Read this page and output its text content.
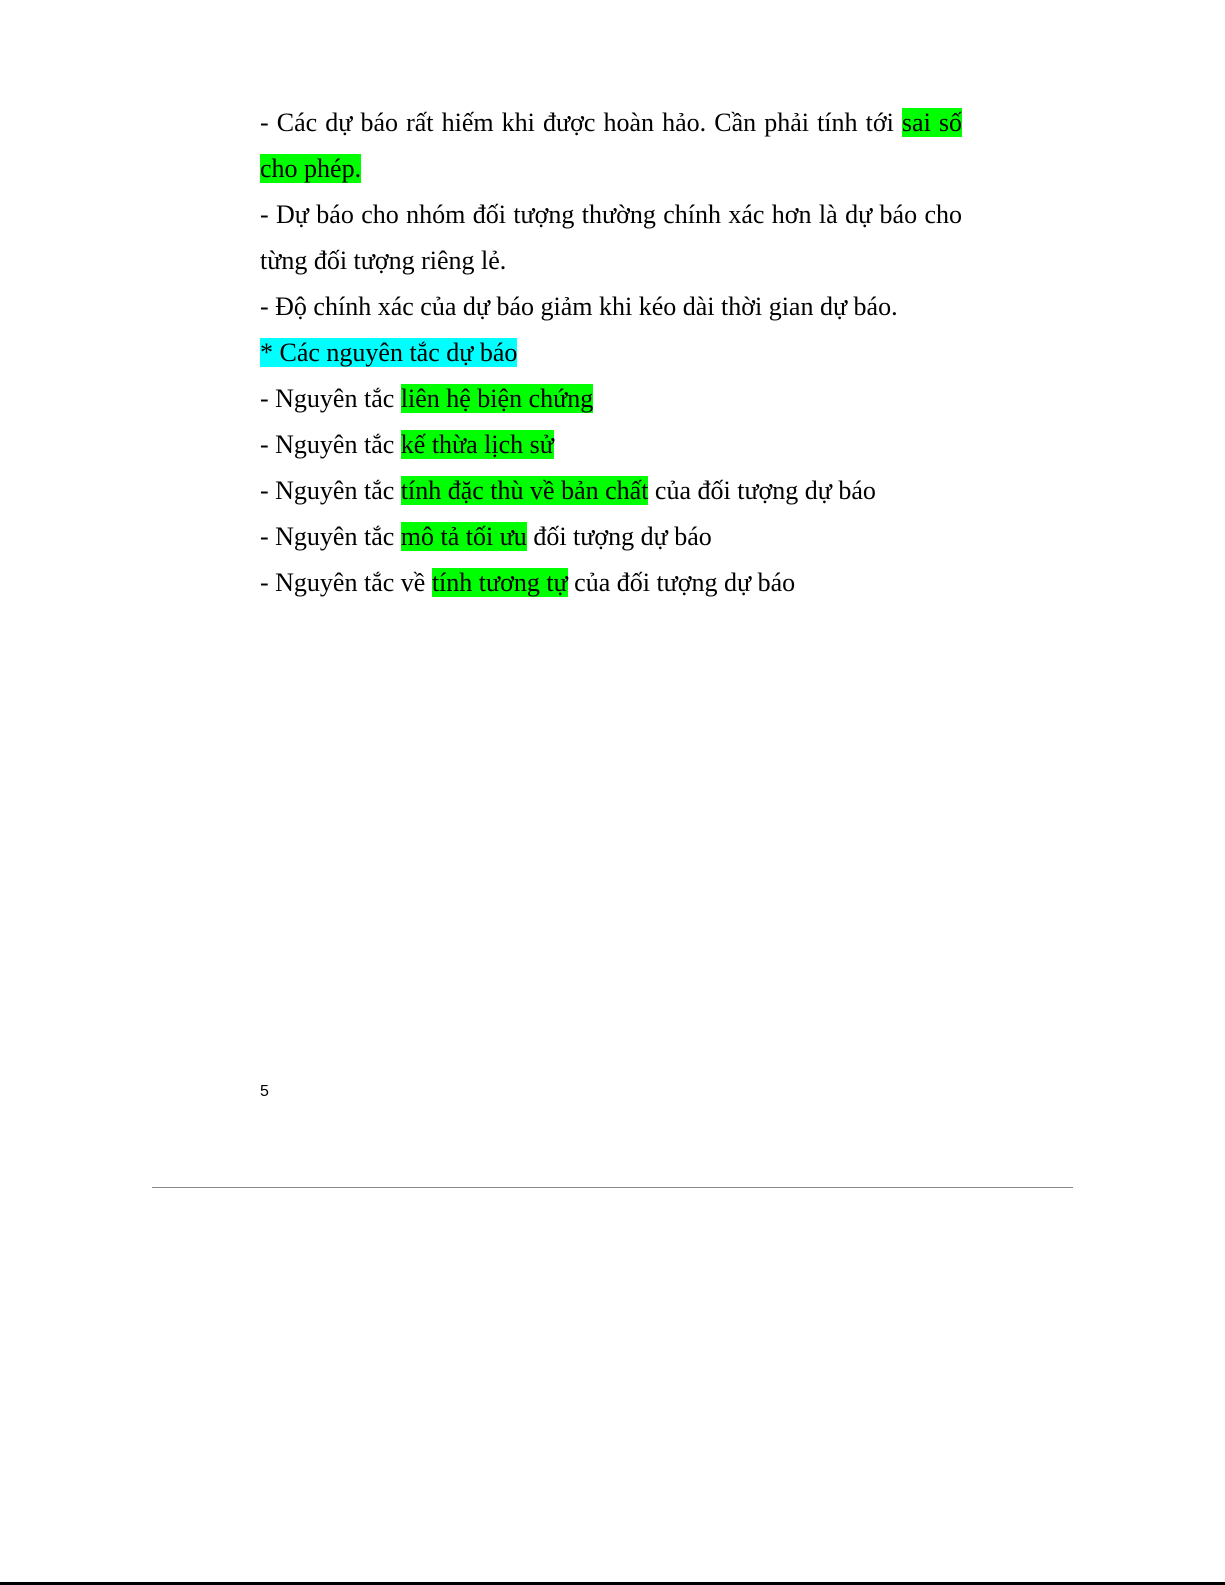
- Các dự báo rất hiếm khi được hoàn hảo. Cần phải tính tới sai số cho phép.

- Dự báo cho nhóm đối tượng thường chính xác hơn là dự báo cho từng đối tượng riêng lẻ.

- Độ chính xác của dự báo giảm khi kéo dài thời gian dự báo.

* Các nguyên tắc dự báo

- Nguyên tắc liên hệ biện chứng

- Nguyên tắc kế thừa lịch sử

- Nguyên tắc tính đặc thù về bản chất của đối tượng dự báo

- Nguyên tắc mô tả tối ưu đối tượng dự báo

- Nguyên tắc về tính tương tự của đối tượng dự báo

5
